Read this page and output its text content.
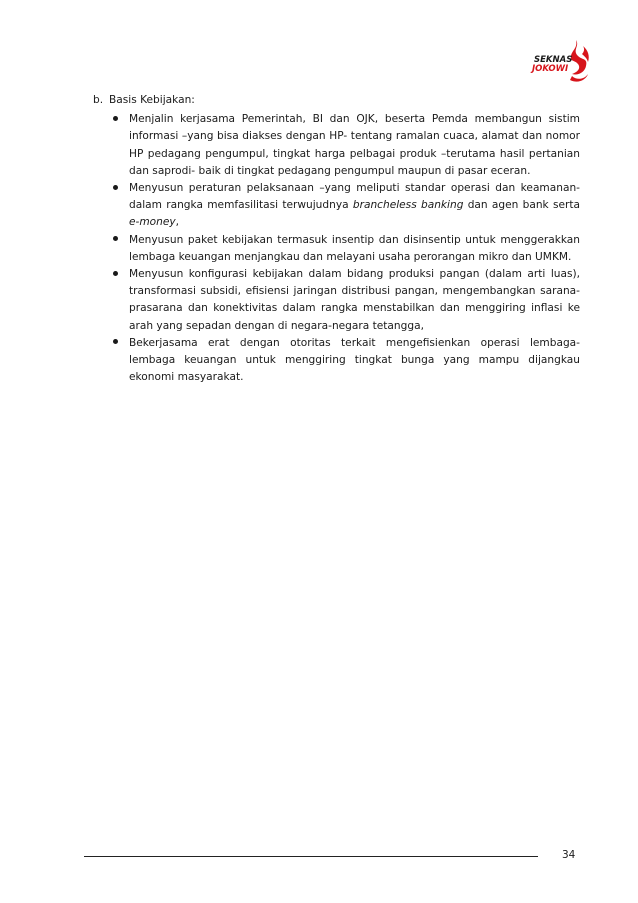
SEKNAS
JOKOWI
b. Basis Kebijakan:
Menjalin kerjasama Pemerintah, BI dan OJK, beserta Pemda membangun sistim informasi –yang bisa diakses dengan HP- tentang ramalan cuaca, alamat dan nomor HP pedagang pengumpul, tingkat harga pelbagai produk –terutama hasil pertanian dan saprodi- baik di tingkat pedagang pengumpul maupun di pasar eceran.
Menyusun peraturan pelaksanaan –yang meliputi standar operasi dan keamanan- dalam rangka memfasilitasi terwujudnya brancheless banking dan agen bank serta e-money,
Menyusun paket kebijakan termasuk insentip dan disinsentip untuk menggerakkan lembaga keuangan menjangkau dan melayani usaha perorangan mikro dan UMKM.
Menyusun konfigurasi kebijakan dalam bidang produksi pangan (dalam arti luas), transformasi subsidi, efisiensi jaringan distribusi pangan, mengembangkan sarana-prasarana dan konektivitas dalam rangka menstabilkan dan menggiring inflasi ke arah yang sepadan dengan di negara-negara tetangga,
Bekerjasama erat dengan otoritas terkait mengefisienkan operasi lembaga- lembaga keuangan untuk menggiring tingkat bunga yang mampu dijangkau ekonomi masyarakat.
34
